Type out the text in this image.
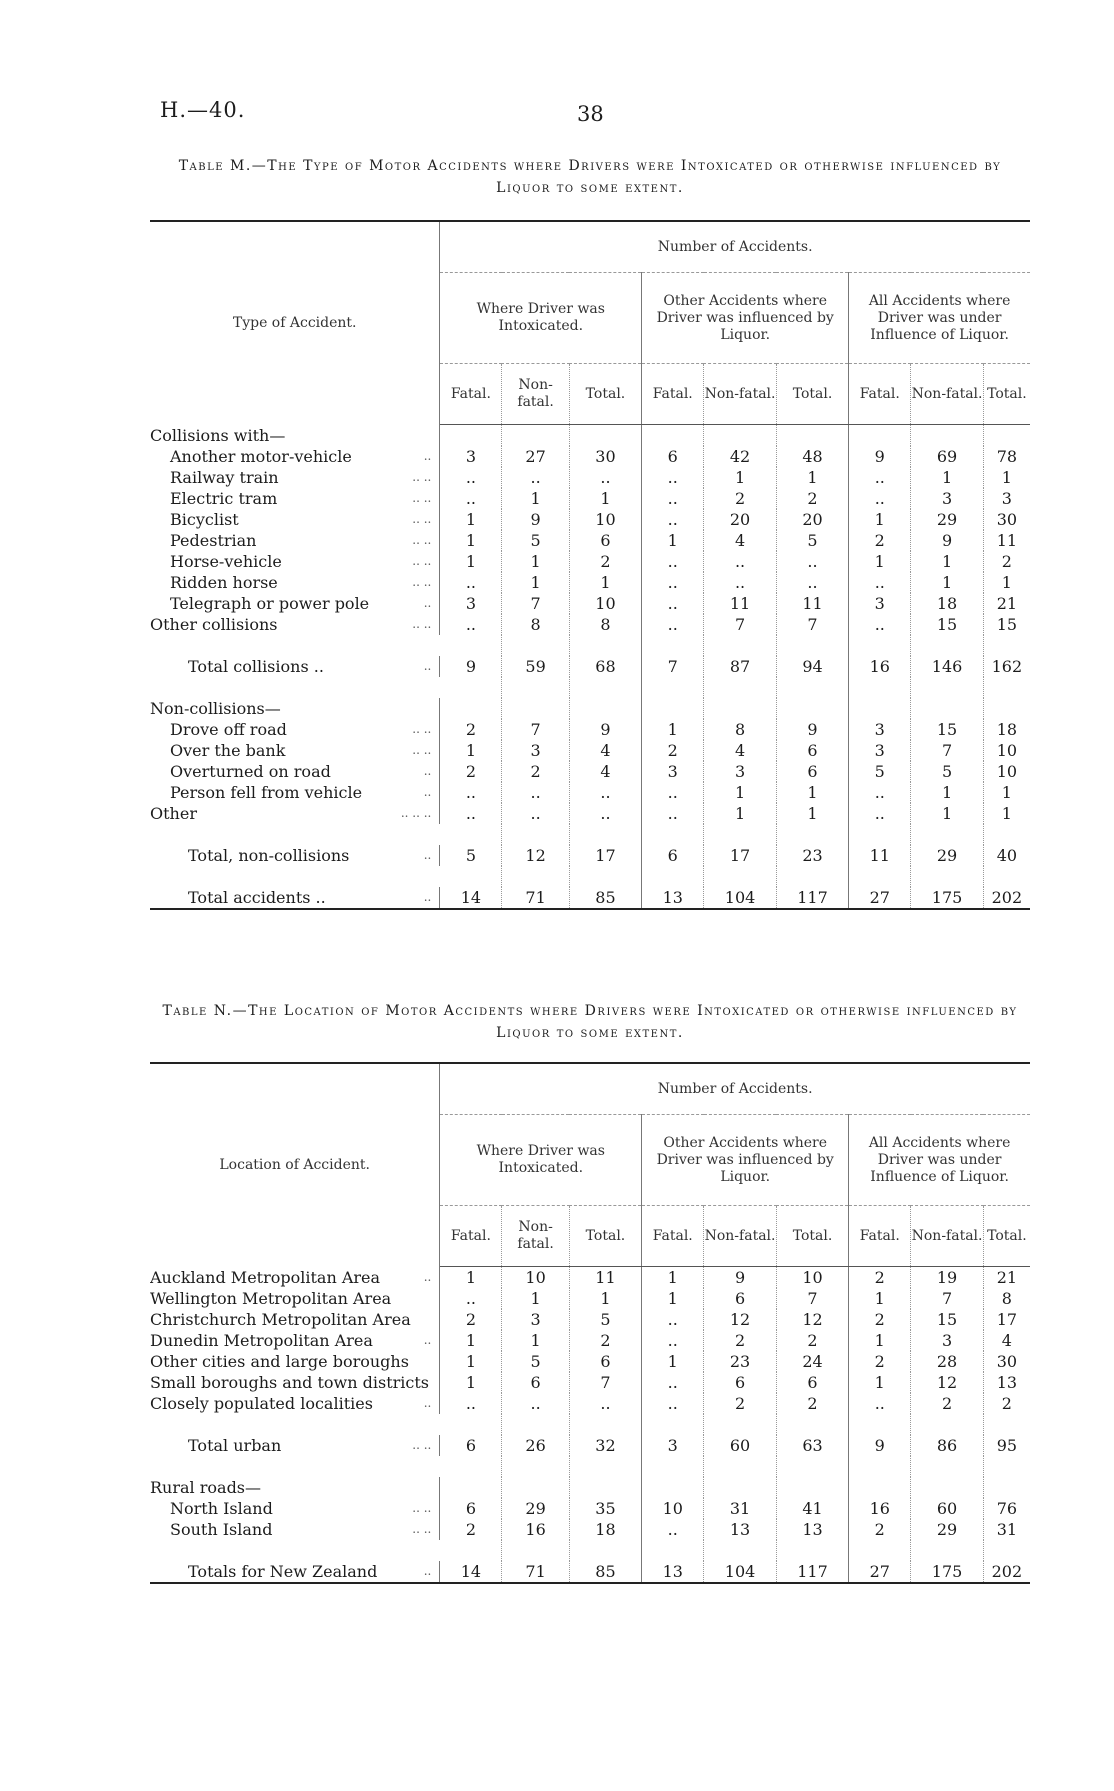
H.—40.	38
Table M.—The Type of Motor Accidents where Drivers were Intoxicated or otherwise influenced by Liquor to some extent.
Type of Accident.	Number of Accidents.								
	Where Driver was Intoxicated.			Other Accidents where Driver was influenced by Liquor.			All Accidents where Driver was under Influence of Liquor.		
	Fatal.	Non-fatal.	Total.	Fatal.	Non-fatal.	Total.	Fatal.	Non-fatal.	Total.
Collisions with—									
Another motor-vehicle ..	3	27	30	6	42	48	9	69	78
Railway train .. ..	..	..	..	..	1	1	..	1	1
Electric tram .. ..	..	1	1	..	2	2	..	3	3
Bicyclist .. ..	1	9	10	..	20	20	1	29	30
Pedestrian .. ..	1	5	6	1	4	5	2	9	11
Horse-vehicle .. ..	1	1	2	..	..	..	1	1	2
Ridden horse .. ..	..	1	1	..	..	..	..	1	1
Telegraph or power pole ..	3	7	10	..	11	11	3	18	21
Other collisions .. ..	..	8	8	..	7	7	..	15	15

Total collisions .. ..	9	59	68	7	87	94	16	146	162

Non-collisions—									
Drove off road .. ..	2	7	9	1	8	9	3	15	18
Over the bank .. ..	1	3	4	2	4	6	3	7	10
Overturned on road ..	2	2	4	3	3	6	5	5	10
Person fell from vehicle ..	..	..	..	..	1	1	..	1	1
Other .. .. ..	..	..	..	..	1	1	..	1	1

Total, non-collisions ..	5	12	17	6	17	23	11	29	40

Total accidents .. ..	14	71	85	13	104	117	27	175	202
Table N.—The Location of Motor Accidents where Drivers were Intoxicated or otherwise influenced by Liquor to some extent.
Location of Accident.	Number of Accidents.								
	Where Driver was Intoxicated.			Other Accidents where Driver was influenced by Liquor.			All Accidents where Driver was under Influence of Liquor.		
	Fatal.	Non-fatal.	Total.	Fatal.	Non-fatal.	Total.	Fatal.	Non-fatal.	Total.
Auckland Metropolitan Area ..	1	10	11	1	9	10	2	19	21
Wellington Metropolitan Area	..	1	1	1	6	7	1	7	8
Christchurch Metropolitan Area	2	3	5	..	12	12	2	15	17
Dunedin Metropolitan Area ..	1	1	2	..	2	2	1	3	4
Other cities and large boroughs	1	5	6	1	23	24	2	28	30
Small boroughs and town districts	1	6	7	..	6	6	1	12	13
Closely populated localities ..	..	..	..	..	2	2	..	2	2

Total urban .. ..	6	26	32	3	60	63	9	86	95

Rural roads—									
North Island .. ..	6	29	35	10	31	41	16	60	76
South Island .. ..	2	16	18	..	13	13	2	29	31

Totals for New Zealand ..	14	71	85	13	104	117	27	175	202
